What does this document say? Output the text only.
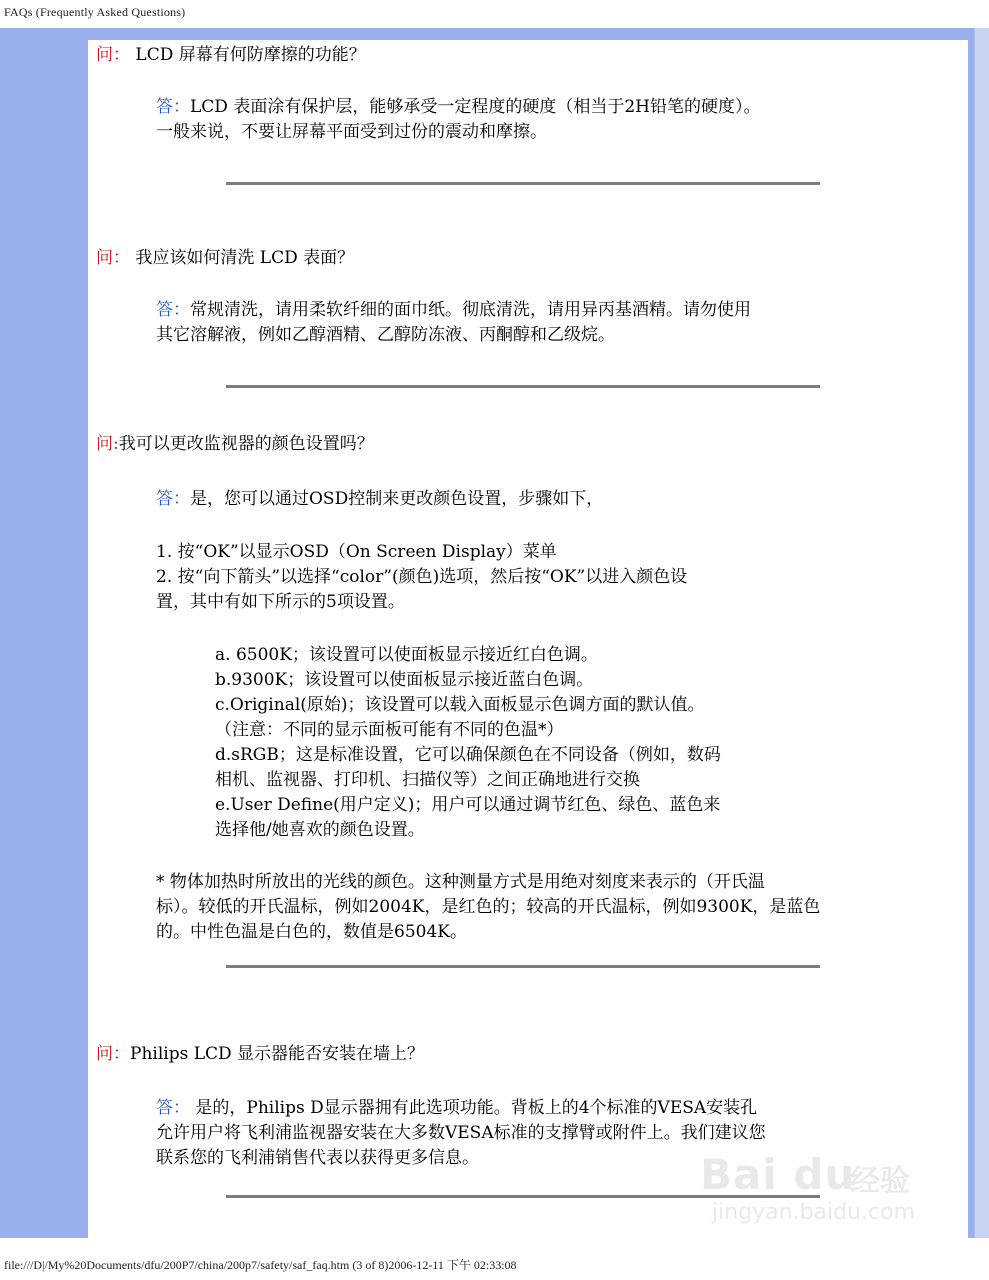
FAQs (Frequently Asked Questions)
问： LCD 屏幕有何防摩擦的功能？
答：LCD 表面涂有保护层，能够承受一定程度的硬度（相当于2H铅笔的硬度）。
一般来说，不要让屏幕平面受到过份的震动和摩擦。
问： 我应该如何清洗 LCD 表面？
答：常规清洗，请用柔软纤细的面巾纸。彻底清洗，请用异丙基酒精。请勿使用
其它溶解液，例如乙醇酒精、乙醇防冻液、丙酮醇和乙级烷。
问:我可以更改监视器的颜色设置吗？
答：是，您可以通过OSD控制来更改颜色设置，步骤如下，
1. 按“OK”以显示OSD（On Screen Display）菜单
2. 按“向下箭头”以选择“color”(颜色)选项，然后按“OK”以进入颜色设
置，其中有如下所示的5项设置。
a. 6500K；该设置可以使面板显示接近红白色调。
b.9300K；该设置可以使面板显示接近蓝白色调。
c.Original(原始)；该设置可以载入面板显示色调方面的默认值。
（注意：不同的显示面板可能有不同的色温*）
d.sRGB；这是标准设置，它可以确保颜色在不同设备（例如，数码
相机、监视器、打印机、扫描仪等）之间正确地进行交换
e.User Define(用户定义)；用户可以通过调节红色、绿色、蓝色来
选择他/她喜欢的颜色设置。
* 物体加热时所放出的光线的颜色。这种测量方式是用绝对刻度来表示的（开氏温
标）。较低的开氏温标，例如2004K，是红色的；较高的开氏温标，例如9300K，是蓝色
的。中性色温是白色的，数值是6504K。
问：Philips LCD 显示器能否安装在墙上？
答： 是的，Philips D显示器拥有此选项功能。背板上的4个标准的VESA安装孔
允许用户将飞利浦监视器安装在大多数VESA标准的支撑臂或附件上。我们建议您
联系您的飞利浦销售代表以获得更多信息。	Bai du
经验
jingyan.baidu.com
file:///D|/My%20Documents/dfu/200P7/china/200p7/safety/saf_faq.htm (3 of 8)2006-12-11 下午 02:33:08
